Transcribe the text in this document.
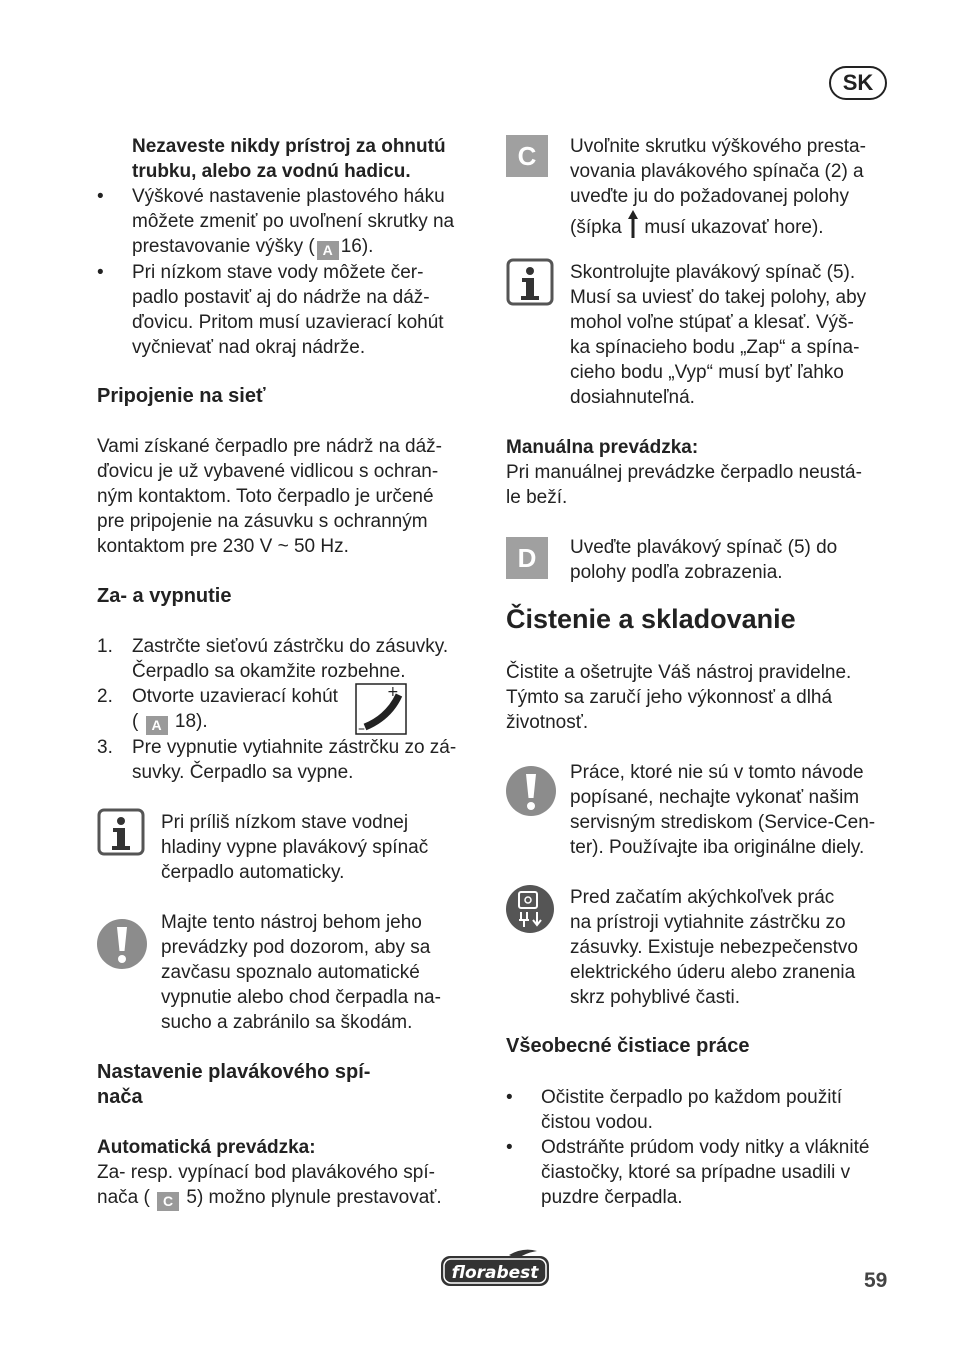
SK
Nezaveste nikdy prístroj za ohnutú
trubku, alebo za vodnú hadicu.
• Výškové nastavenie plastového háku
môžete zmeniť po uvoľnení skrutky na
prestavovanie výšky ( A 16).
• Pri nízkom stave vody môžete čer-
padlo postaviť aj do nádrže na dáž-
ďovicu. Pritom musí uzavierací kohút
vyčnievať nad okraj nádrže.
Pripojenie na sieť
Vami získané čerpadlo pre nádrž na dáž-
ďovicu je už vybavené vidlicou s ochran-
ným kontaktom. Toto čerpadlo je určené
pre pripojenie na zásuvku s ochranným
kontaktom pre 230 V ~ 50 Hz.
Za- a vypnutie
1. Zastrčte sieťovú zástrčku do zásuvky.
Čerpadlo sa okamžite rozbehne.
2. Otvorte uzavierací kohút
( A 18).
3. Pre vypnutie vytiahnite zástrčku zo zá-
suvky. Čerpadlo sa vypne.
+
–
Pri príliš nízkom stave vodnej
hladiny vypne plavákový spínač
čerpadlo automaticky.
Majte tento nástroj behom jeho
prevádzky pod dozorom, aby sa
zavčasu spoznalo automatické
vypnutie alebo chod čerpadla na-
sucho a zabránilo sa škodám.
Nastavenie plavákového spí-
nača
Automatická prevádzka:
Za- resp. vypínací bod plavákového spí-
nača ( C 5) možno plynule prestavovať.
C	Uvoľnite skrutku výškového presta-
vovania plavákového spínača (2) a
uveďte ju do požadovanej polohy
(šípka musí ukazovať hore).
Skontrolujte plavákový spínač (5).
Musí sa uviesť do takej polohy, aby
mohol voľne stúpať a klesať. Výš-
ka spínacieho bodu „Zap“ a spína-
cieho bodu „Vyp“ musí byť ľahko
dosiahnuteľná.
Manuálna prevádzka:
Pri manuálnej prevádzke čerpadlo neustá-
le beží.
D	Uveďte plavákový spínač (5) do
polohy podľa zobrazenia.
Čistenie a skladovanie
Čistite a ošetrujte Váš nástroj pravidelne.
Týmto sa zaručí jeho výkonnosť a dlhá
životnosť.
Práce, ktoré nie sú v tomto návode
popísané, nechajte vykonať našim
servisným strediskom (Service-Cen-
ter). Používajte iba originálne diely.
Pred začatím akýchkoľvek prác
na prístroji vytiahnite zástrčku zo
zásuvky. Existuje nebezpečenstvo
elektrického úderu alebo zranenia
skrz pohyblivé časti.
Všeobecné čistiace práce
• Očistite čerpadlo po každom použití
čistou vodou.
• Odstráňte prúdom vody nitky a vláknité
čiastočky, ktoré sa prípadne usadili v
puzdre čerpadla.
florabest	59
